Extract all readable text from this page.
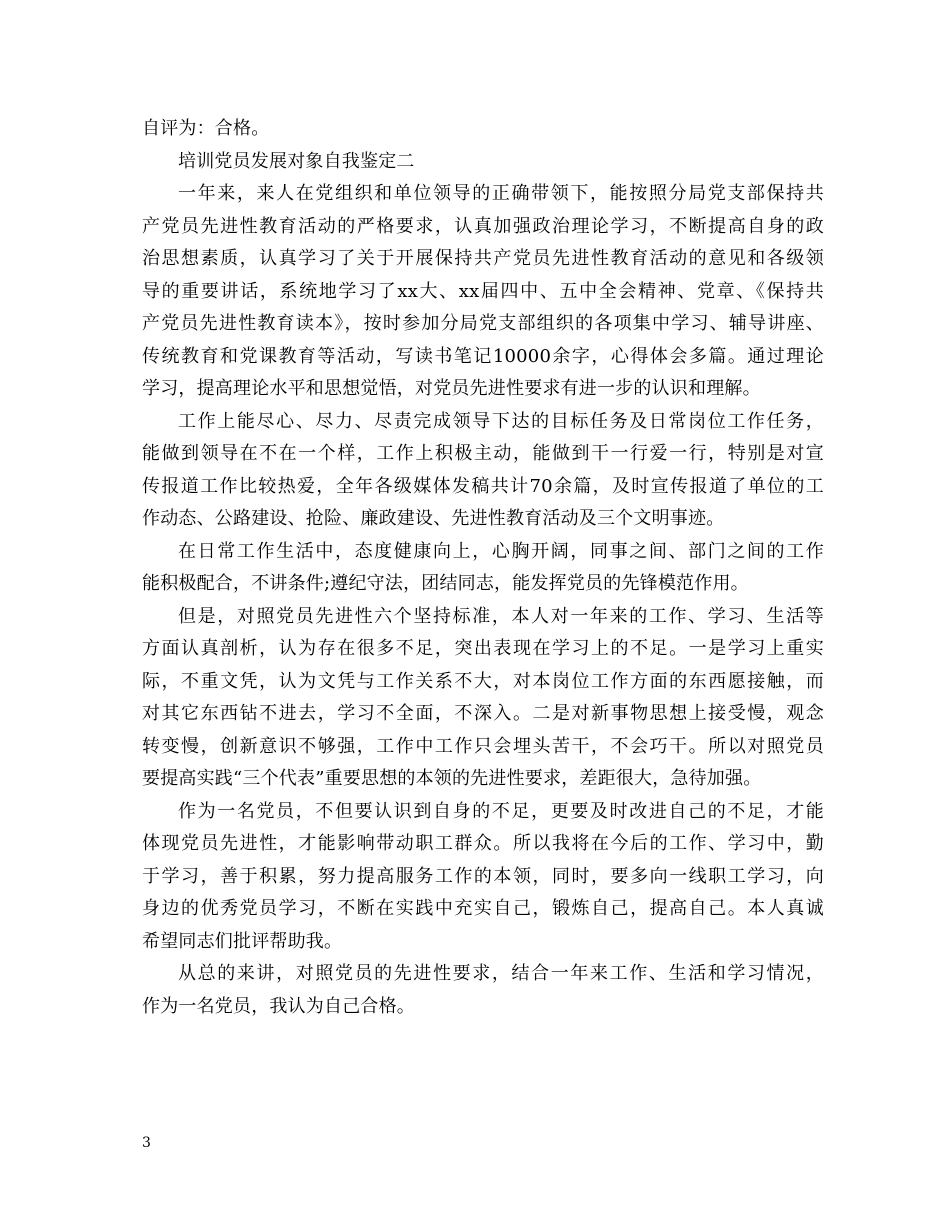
自评为：合格。
培训党员发展对象自我鉴定二
一年来，来人在党组织和单位领导的正确带领下，能按照分局党支部保持共
产党员先进性教育活动的严格要求，认真加强政治理论学习，不断提高自身的政
治思想素质，认真学习了关于开展保持共产党员先进性教育活动的意见和各级领
导的重要讲话，系统地学习了xx大、xx届四中、五中全会精神、党章、《保持共
产党员先进性教育读本》，按时参加分局党支部组织的各项集中学习、辅导讲座、
传统教育和党课教育等活动，写读书笔记10000余字，心得体会多篇。通过理论
学习，提高理论水平和思想觉悟，对党员先进性要求有进一步的认识和理解。
工作上能尽心、尽力、尽责完成领导下达的目标任务及日常岗位工作任务，
能做到领导在不在一个样，工作上积极主动，能做到干一行爱一行，特别是对宣
传报道工作比较热爱，全年各级媒体发稿共计70余篇，及时宣传报道了单位的工
作动态、公路建设、抢险、廉政建设、先进性教育活动及三个文明事迹。
在日常工作生活中，态度健康向上，心胸开阔，同事之间、部门之间的工作
能积极配合，不讲条件;遵纪守法，团结同志，能发挥党员的先锋模范作用。
但是，对照党员先进性六个坚持标准，本人对一年来的工作、学习、生活等
方面认真剖析，认为存在很多不足，突出表现在学习上的不足。一是学习上重实
际，不重文凭，认为文凭与工作关系不大，对本岗位工作方面的东西愿接触，而
对其它东西钻不进去，学习不全面，不深入。二是对新事物思想上接受慢，观念
转变慢，创新意识不够强，工作中工作只会埋头苦干，不会巧干。所以对照党员
要提高实践“三个代表”重要思想的本领的先进性要求，差距很大，急待加强。
作为一名党员，不但要认识到自身的不足，更要及时改进自己的不足，才能
体现党员先进性，才能影响带动职工群众。所以我将在今后的工作、学习中，勤
于学习，善于积累，努力提高服务工作的本领，同时，要多向一线职工学习，向
身边的优秀党员学习，不断在实践中充实自己，锻炼自己，提高自己。本人真诚
希望同志们批评帮助我。
从总的来讲，对照党员的先进性要求，结合一年来工作、生活和学习情况，
作为一名党员，我认为自己合格。
3
